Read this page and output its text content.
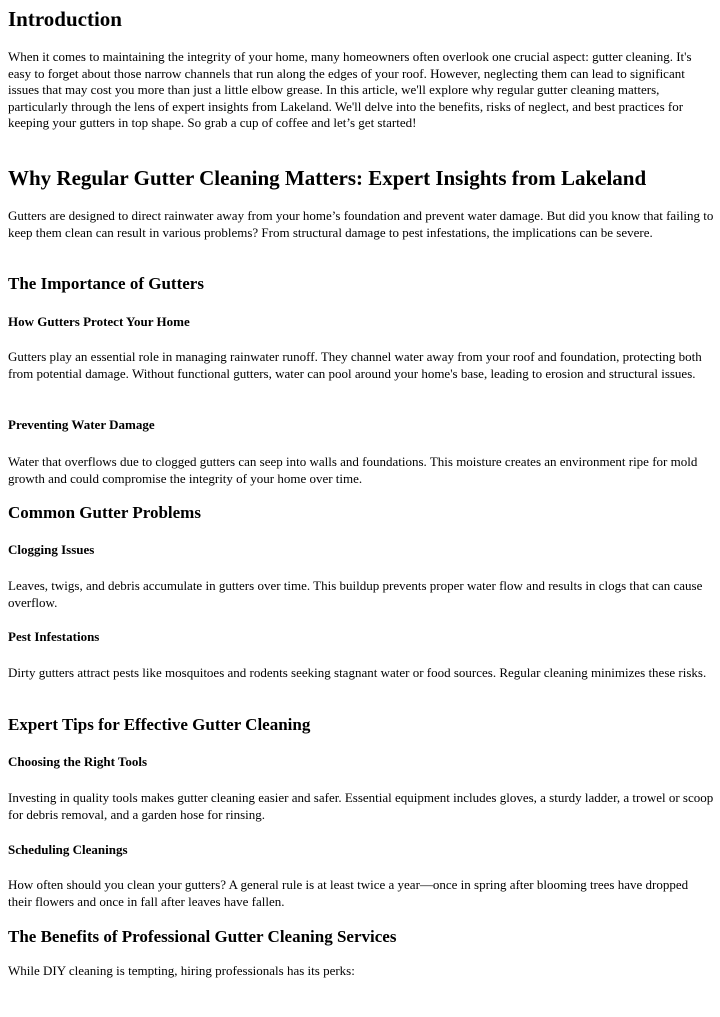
Introduction

When it comes to maintaining the integrity of your home, many homeowners often overlook one crucial aspect: gutter cleaning. It's easy to forget about those narrow channels that run along the edges of your roof. However, neglecting them can lead to significant issues that may cost you more than just a little elbow grease. In this article, we'll explore why regular gutter cleaning matters, particularly through the lens of expert insights from Lakeland. We'll delve into the benefits, risks of neglect, and best practices for keeping your gutters in top shape. So grab a cup of coffee and let’s get started!

Why Regular Gutter Cleaning Matters: Expert Insights from Lakeland

Gutters are designed to direct rainwater away from your home’s foundation and prevent water damage. But did you know that failing to keep them clean can result in various problems? From structural damage to pest infestations, the implications can be severe.

The Importance of Gutters
How Gutters Protect Your Home

Gutters play an essential role in managing rainwater runoff. They channel water away from your roof and foundation, protecting both from potential damage. Without functional gutters, water can pool around your home's base, leading to erosion and structural issues.

Preventing Water Damage

Water that overflows due to clogged gutters can seep into walls and foundations. This moisture creates an environment ripe for mold growth and could compromise the integrity of your home over time.

Common Gutter Problems
Clogging Issues

Leaves, twigs, and debris accumulate in gutters over time. This buildup prevents proper water flow and results in clogs that can cause overflow.

Pest Infestations

Dirty gutters attract pests like mosquitoes and rodents seeking stagnant water or food sources. Regular cleaning minimizes these risks.

Expert Tips for Effective Gutter Cleaning
Choosing the Right Tools

Investing in quality tools makes gutter cleaning easier and safer. Essential equipment includes gloves, a sturdy ladder, a trowel or scoop for debris removal, and a garden hose for rinsing.

Scheduling Cleanings

How often should you clean your gutters? A general rule is at least twice a year—once in spring after blooming trees have dropped their flowers and once in fall after leaves have fallen.

The Benefits of Professional Gutter Cleaning Services

While DIY cleaning is tempting, hiring professionals has its perks:
